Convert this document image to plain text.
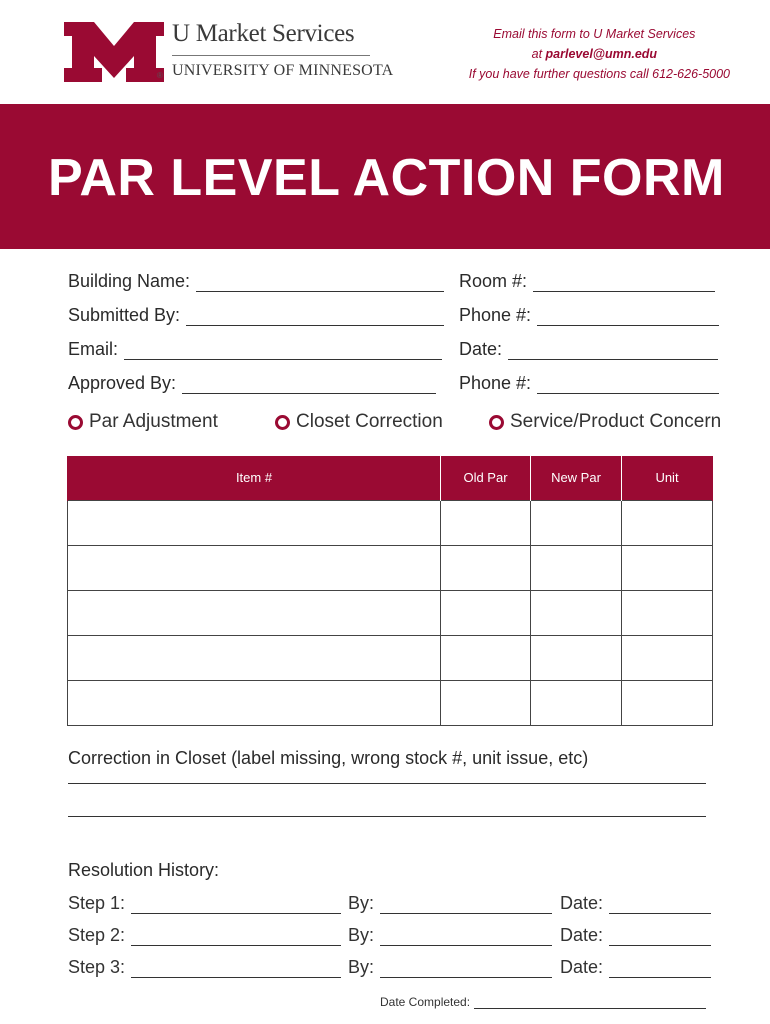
®
U Market Services
UNIVERSITY OF MINNESOTA
Email this form to U Market Services
at parlevel@umn.edu
If you have further questions call 612-626-5000
PAR LEVEL ACTION FORM
Building Name:	Room #:
Submitted By:	Phone #:
Email:	Date:
Approved By:	Phone #:
Par Adjustment	Closet Correction	Service/Product Concern
Item #	Old Par	New Par	Unit

Correction in Closet (label missing, wrong stock #, unit issue, etc)
Resolution History:
Step 1:	By:	Date:
Step 2:	By:	Date:
Step 3:	By:	Date:
Date Completed:
